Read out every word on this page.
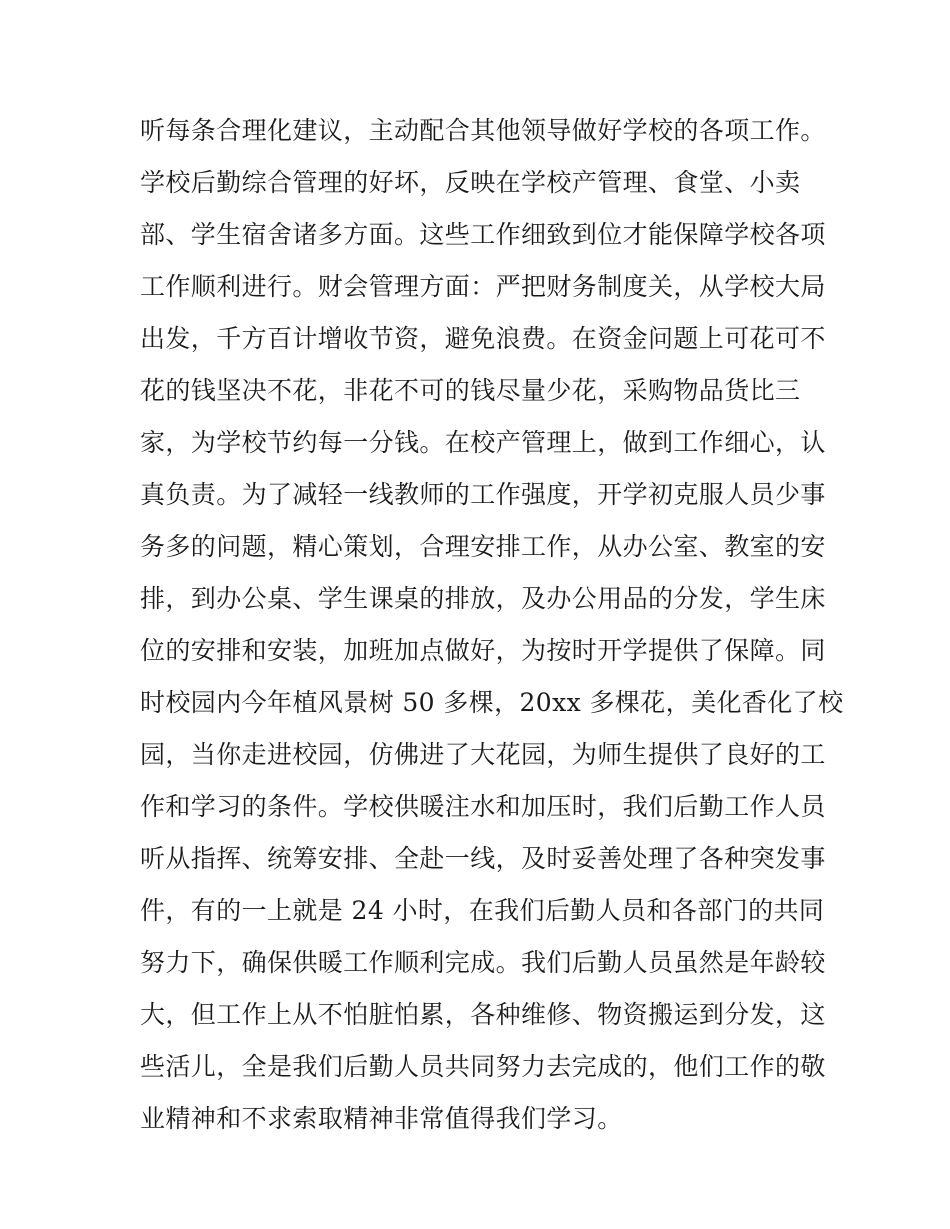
听每条合理化建议，主动配合其他领导做好学校的各项工作。
学校后勤综合管理的好坏，反映在学校产管理、食堂、小卖
部、学生宿舍诸多方面。这些工作细致到位才能保障学校各项
工作顺利进行。财会管理方面：严把财务制度关，从学校大局
出发，千方百计增收节资，避免浪费。在资金问题上可花可不
花的钱坚决不花，非花不可的钱尽量少花，采购物品货比三
家，为学校节约每一分钱。在校产管理上，做到工作细心，认
真负责。为了减轻一线教师的工作强度，开学初克服人员少事
务多的问题，精心策划，合理安排工作，从办公室、教室的安
排，到办公桌、学生课桌的排放，及办公用品的分发，学生床
位的安排和安装，加班加点做好，为按时开学提供了保障。同
时校园内今年植风景树 50 多棵，20xx 多棵花，美化香化了校
园，当你走进校园，仿佛进了大花园，为师生提供了良好的工
作和学习的条件。学校供暖注水和加压时，我们后勤工作人员
听从指挥、统筹安排、全赴一线，及时妥善处理了各种突发事
件，有的一上就是 24 小时，在我们后勤人员和各部门的共同
努力下，确保供暖工作顺利完成。我们后勤人员虽然是年龄较
大，但工作上从不怕脏怕累，各种维修、物资搬运到分发，这
些活儿，全是我们后勤人员共同努力去完成的，他们工作的敬
业精神和不求索取精神非常值得我们学习。
